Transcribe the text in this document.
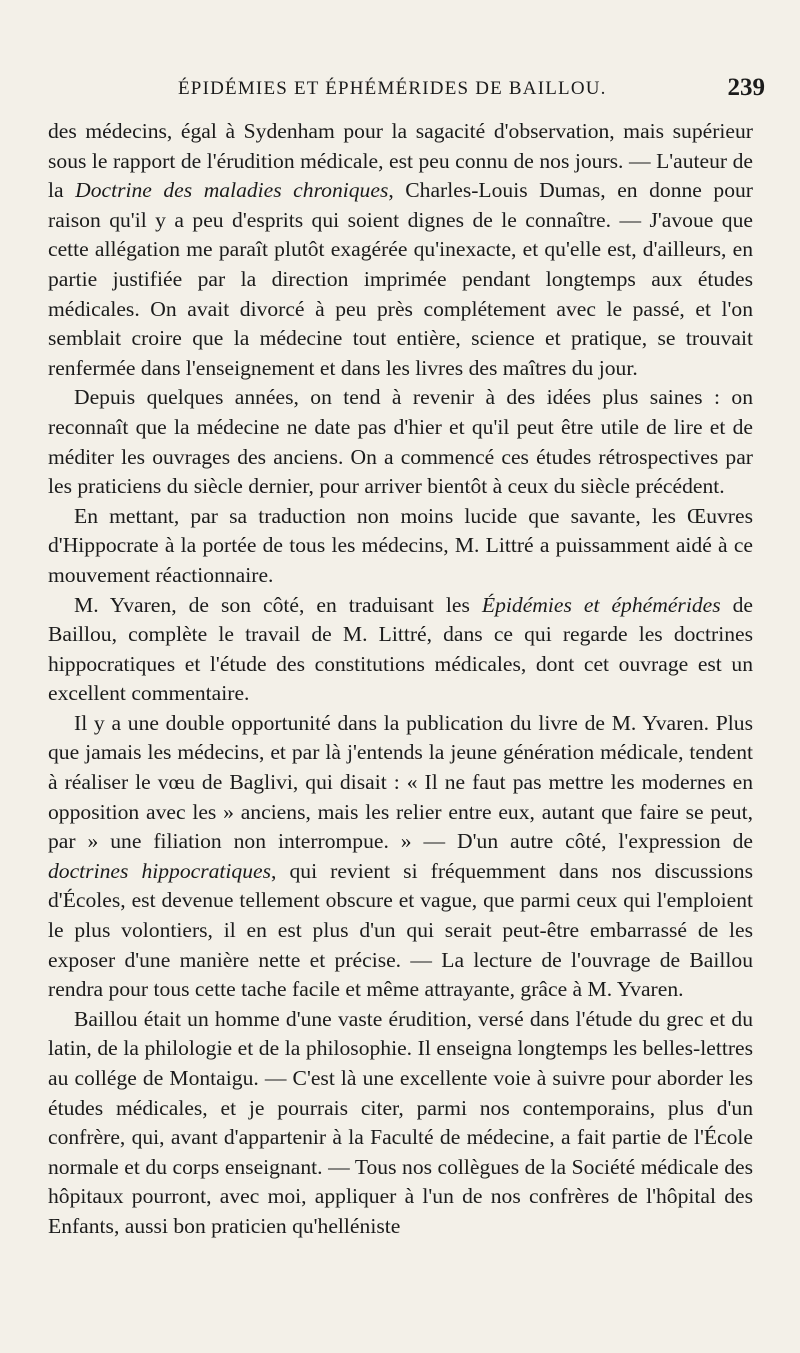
ÉPIDÉMIES ET ÉPHÉMÉRIDES DE BAILLOU.	239

des médecins, égal à Sydenham pour la sagacité d'observation, mais supérieur sous le rapport de l'érudition médicale, est peu connu de nos jours. — L'auteur de la Doctrine des maladies chroniques, Charles-Louis Dumas, en donne pour raison qu'il y a peu d'esprits qui soient dignes de le connaître. — J'avoue que cette allégation me paraît plutôt exagérée qu'inexacte, et qu'elle est, d'ailleurs, en partie justifiée par la direction imprimée pendant longtemps aux études médicales. On avait divorcé à peu près complétement avec le passé, et l'on semblait croire que la médecine tout entière, science et pratique, se trouvait renfermée dans l'enseignement et dans les livres des maîtres du jour.

Depuis quelques années, on tend à revenir à des idées plus saines : on reconnaît que la médecine ne date pas d'hier et qu'il peut être utile de lire et de méditer les ouvrages des anciens. On a commencé ces études rétrospectives par les praticiens du siècle dernier, pour arriver bientôt à ceux du siècle précédent.

En mettant, par sa traduction non moins lucide que savante, les Œuvres d'Hippocrate à la portée de tous les médecins, M. Littré a puissamment aidé à ce mouvement réactionnaire.

M. Yvaren, de son côté, en traduisant les Épidémies et éphémérides de Baillou, complète le travail de M. Littré, dans ce qui regarde les doctrines hippocratiques et l'étude des constitutions médicales, dont cet ouvrage est un excellent commentaire.

Il y a une double opportunité dans la publication du livre de M. Yvaren. Plus que jamais les médecins, et par là j'entends la jeune génération médicale, tendent à réaliser le vœu de Baglivi, qui disait : « Il ne faut pas mettre les modernes en opposition avec les » anciens, mais les relier entre eux, autant que faire se peut, par » une filiation non interrompue. » — D'un autre côté, l'expression de doctrines hippocratiques, qui revient si fréquemment dans nos discussions d'Écoles, est devenue tellement obscure et vague, que parmi ceux qui l'emploient le plus volontiers, il en est plus d'un qui serait peut-être embarrassé de les exposer d'une manière nette et précise. — La lecture de l'ouvrage de Baillou rendra pour tous cette tache facile et même attrayante, grâce à M. Yvaren.

Baillou était un homme d'une vaste érudition, versé dans l'étude du grec et du latin, de la philologie et de la philosophie. Il enseigna longtemps les belles-lettres au collége de Montaigu. — C'est là une excellente voie à suivre pour aborder les études médicales, et je pourrais citer, parmi nos contemporains, plus d'un confrère, qui, avant d'appartenir à la Faculté de médecine, a fait partie de l'École normale et du corps enseignant. — Tous nos collègues de la Société médicale des hôpitaux pourront, avec moi, appliquer à l'un de nos confrères de l'hôpital des Enfants, aussi bon praticien qu'helléniste
